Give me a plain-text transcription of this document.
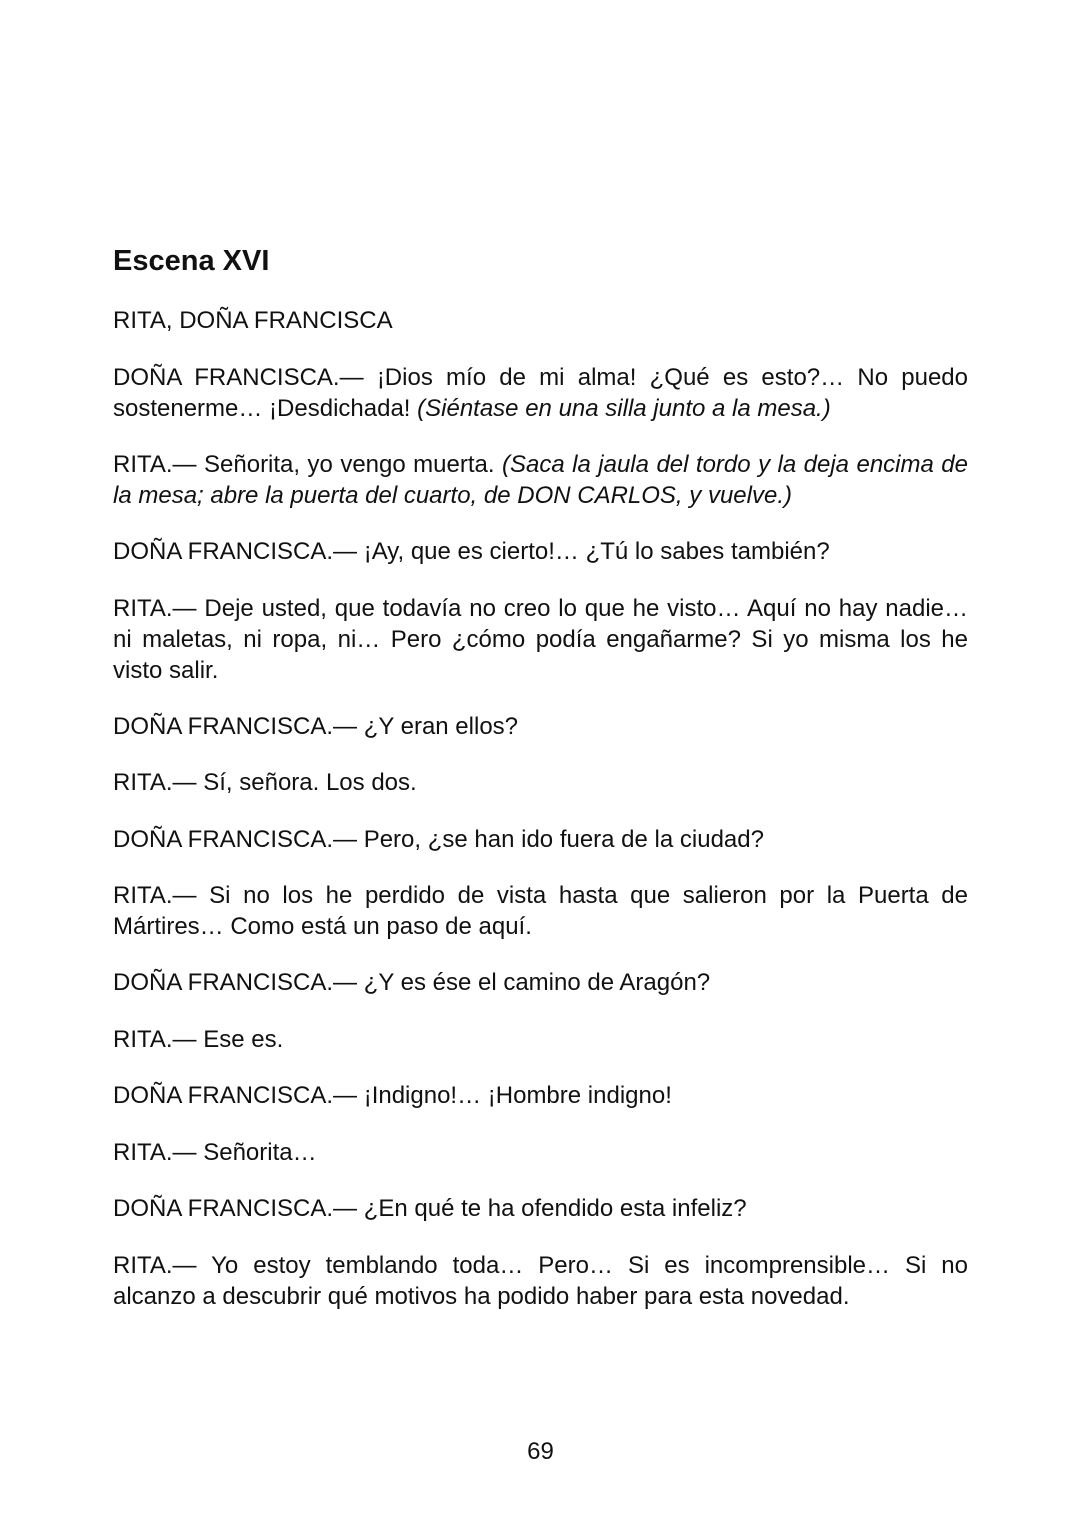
Escena XVI

RITA, DOÑA FRANCISCA

DOÑA FRANCISCA.— ¡Dios mío de mi alma! ¿Qué es esto?… No puedo sostenerme… ¡Desdichada! (Siéntase en una silla junto a la mesa.)

RITA.— Señorita, yo vengo muerta. (Saca la jaula del tordo y la deja encima de la mesa; abre la puerta del cuarto, de DON CARLOS, y vuelve.)

DOÑA FRANCISCA.— ¡Ay, que es cierto!… ¿Tú lo sabes también?

RITA.— Deje usted, que todavía no creo lo que he visto… Aquí no hay nadie… ni maletas, ni ropa, ni… Pero ¿cómo podía engañarme? Si yo misma los he visto salir.

DOÑA FRANCISCA.— ¿Y eran ellos?

RITA.— Sí, señora. Los dos.

DOÑA FRANCISCA.— Pero, ¿se han ido fuera de la ciudad?

RITA.— Si no los he perdido de vista hasta que salieron por la Puerta de Mártires… Como está un paso de aquí.

DOÑA FRANCISCA.— ¿Y es ése el camino de Aragón?

RITA.— Ese es.

DOÑA FRANCISCA.— ¡Indigno!… ¡Hombre indigno!

RITA.— Señorita…

DOÑA FRANCISCA.— ¿En qué te ha ofendido esta infeliz?

RITA.— Yo estoy temblando toda… Pero… Si es incomprensible… Si no alcanzo a descubrir qué motivos ha podido haber para esta novedad.

69
